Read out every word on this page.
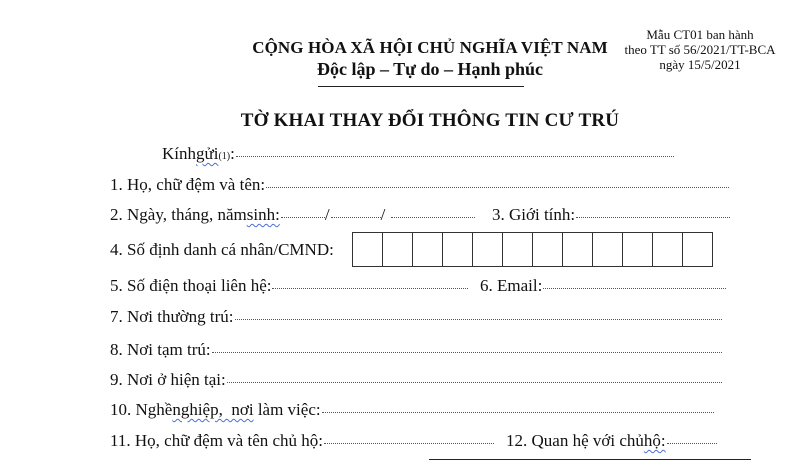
CỘNG HÒA XÃ HỘI CHỦ NGHĨA VIỆT NAM
Độc lập – Tự do – Hạnh phúc
Mẫu CT01 ban hành
theo TT số 56/2021/TT-BCA
ngày 15/5/2021
TỜ KHAI THAY ĐỔI THÔNG TIN CƯ TRÚ
Kính gửi (1) :
1. Họ, chữ đệm và tên:
2. Ngày, tháng, năm sinh:	/	/	3. Giới tính:
4. Số định danh cá nhân/CMND:
5. Số điện thoại liên hệ:	6. Email:
7. Nơi thường trú:
8. Nơi tạm trú:
9. Nơi ở hiện tại:
10. Nghề nghiệp,  nơi làm việc:
11. Họ, chữ đệm và tên chủ hộ:	12. Quan hệ với chủ hộ:
